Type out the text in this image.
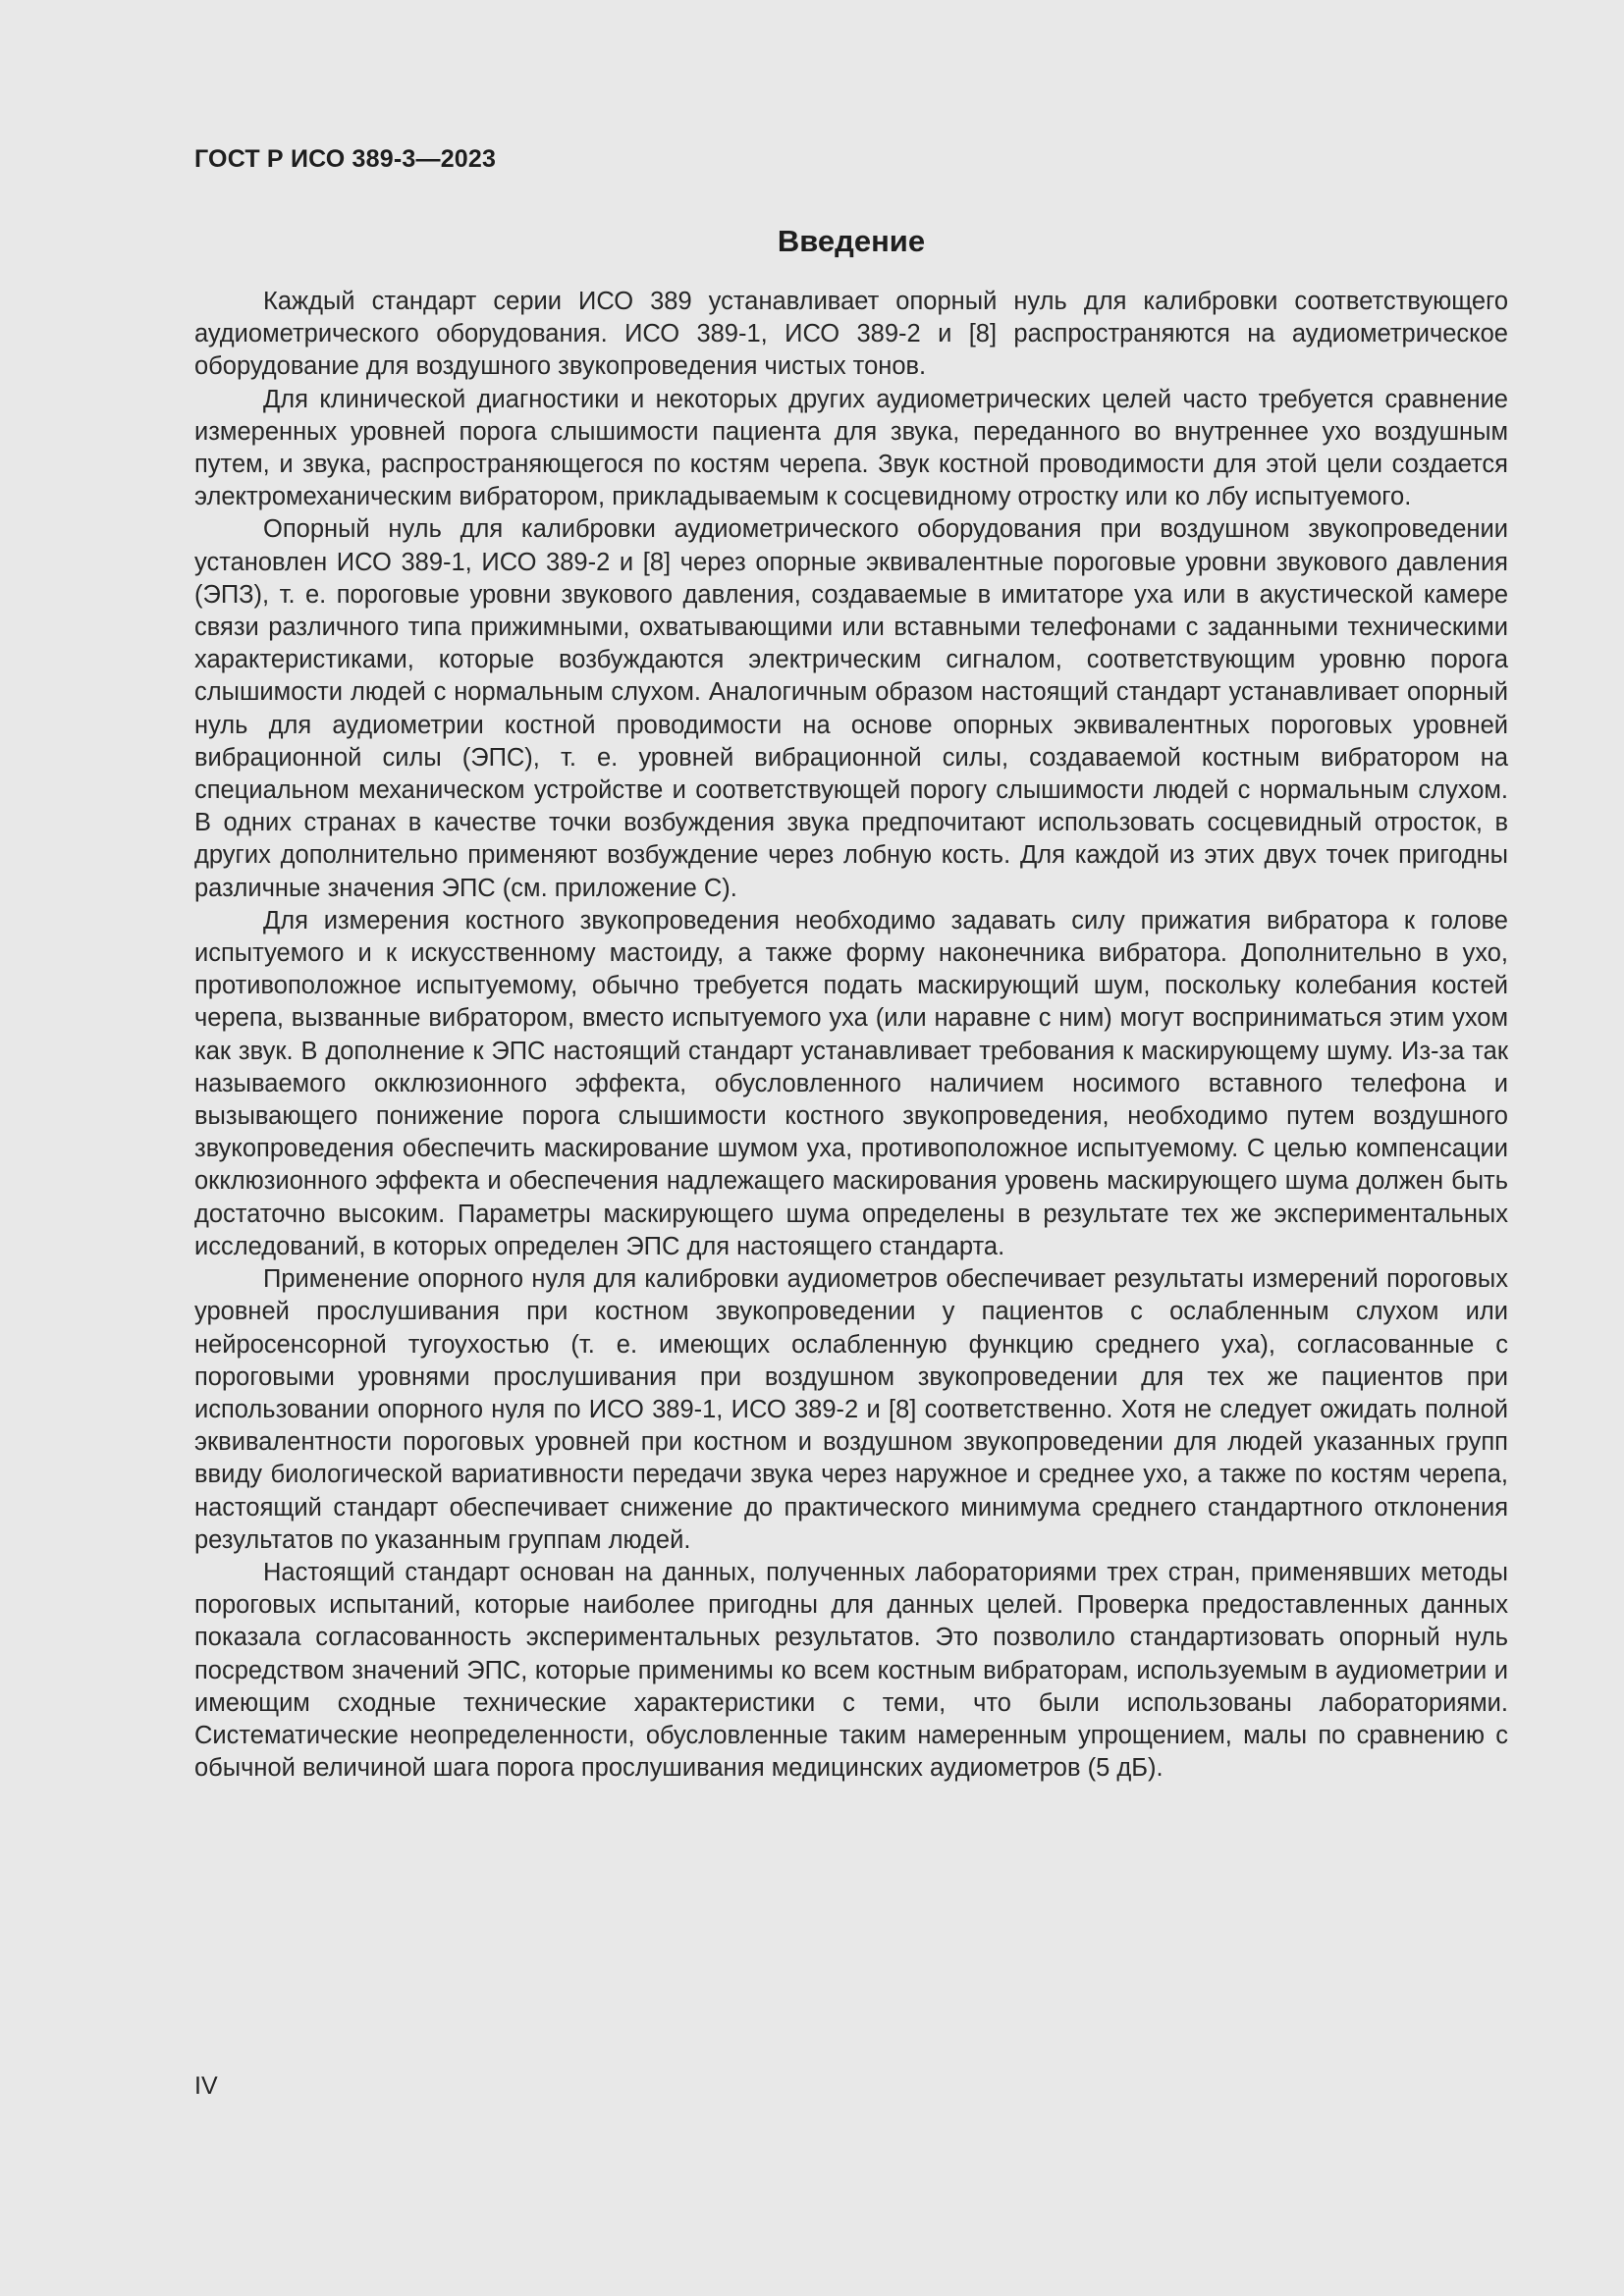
ГОСТ Р ИСО 389-3—2023
Введение

Каждый стандарт серии ИСО 389 устанавливает опорный нуль для калибровки соответствующего аудиометрического оборудования. ИСО 389-1, ИСО 389-2 и [8] распространяются на аудиометрическое оборудование для воздушного звукопроведения чистых тонов.

Для клинической диагностики и некоторых других аудиометрических целей часто требуется сравнение измеренных уровней порога слышимости пациента для звука, переданного во внутреннее ухо воздушным путем, и звука, распространяющегося по костям черепа. Звук костной проводимости для этой цели создается электромеханическим вибратором, прикладываемым к сосцевидному отростку или ко лбу испытуемого.

Опорный нуль для калибровки аудиометрического оборудования при воздушном звукопроведении установлен ИСО 389-1, ИСО 389-2 и [8] через опорные эквивалентные пороговые уровни звукового давления (ЭПЗ), т. е. пороговые уровни звукового давления, создаваемые в имитаторе уха или в акустической камере связи различного типа прижимными, охватывающими или вставными телефонами с заданными техническими характеристиками, которые возбуждаются электрическим сигналом, соответствующим уровню порога слышимости людей с нормальным слухом. Аналогичным образом настоящий стандарт устанавливает опорный нуль для аудиометрии костной проводимости на основе опорных эквивалентных пороговых уровней вибрационной силы (ЭПС), т. е. уровней вибрационной силы, создаваемой костным вибратором на специальном механическом устройстве и соответствующей порогу слышимости людей с нормальным слухом. В одних странах в качестве точки возбуждения звука предпочитают использовать сосцевидный отросток, в других дополнительно применяют возбуждение через лобную кость. Для каждой из этих двух точек пригодны различные значения ЭПС (см. приложение С).

Для измерения костного звукопроведения необходимо задавать силу прижатия вибратора к голове испытуемого и к искусственному мастоиду, а также форму наконечника вибратора. Дополнительно в ухо, противоположное испытуемому, обычно требуется подать маскирующий шум, поскольку колебания костей черепа, вызванные вибратором, вместо испытуемого уха (или наравне с ним) могут восприниматься этим ухом как звук. В дополнение к ЭПС настоящий стандарт устанавливает требования к маскирующему шуму. Из-за так называемого окклюзионного эффекта, обусловленного наличием носимого вставного телефона и вызывающего понижение порога слышимости костного звукопроведения, необходимо путем воздушного звукопроведения обеспечить маскирование шумом уха, противоположное испытуемому. С целью компенсации окклюзионного эффекта и обеспечения надлежащего маскирования уровень маскирующего шума должен быть достаточно высоким. Параметры маскирующего шума определены в результате тех же экспериментальных исследований, в которых определен ЭПС для настоящего стандарта.

Применение опорного нуля для калибровки аудиометров обеспечивает результаты измерений пороговых уровней прослушивания при костном звукопроведении у пациентов с ослабленным слухом или нейросенсорной тугоухостью (т. е. имеющих ослабленную функцию среднего уха), согласованные с пороговыми уровнями прослушивания при воздушном звукопроведении для тех же пациентов при использовании опорного нуля по ИСО 389-1, ИСО 389-2 и [8] соответственно. Хотя не следует ожидать полной эквивалентности пороговых уровней при костном и воздушном звукопроведении для людей указанных групп ввиду биологической вариативности передачи звука через наружное и среднее ухо, а также по костям черепа, настоящий стандарт обеспечивает снижение до практического минимума среднего стандартного отклонения результатов по указанным группам людей.

Настоящий стандарт основан на данных, полученных лабораториями трех стран, применявших методы пороговых испытаний, которые наиболее пригодны для данных целей. Проверка предоставленных данных показала согласованность экспериментальных результатов. Это позволило стандартизовать опорный нуль посредством значений ЭПС, которые применимы ко всем костным вибраторам, используемым в аудиометрии и имеющим сходные технические характеристики с теми, что были использованы лабораториями. Систематические неопределенности, обусловленные таким намеренным упрощением, малы по сравнению с обычной величиной шага порога прослушивания медицинских аудиометров (5 дБ).

IV
